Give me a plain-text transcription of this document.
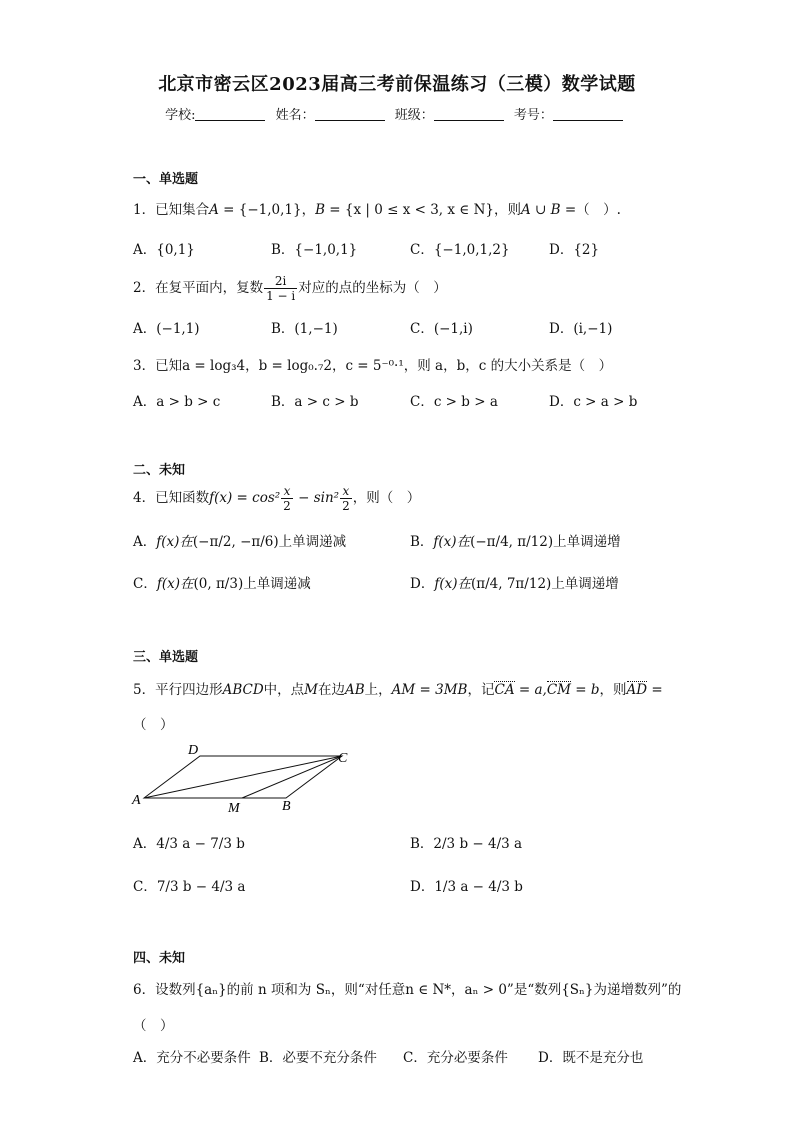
北京市密云区2023届高三考前保温练习（三模）数学试题
学校:	姓名：	班级：	考号：
一、单选题
1．已知集合A = {−1,0,1}，B = {x | 0 ≤ x < 3, x ∈ N}，则A ∪ B =（　）.
A．{0,1}	B．{−1,0,1}	C．{−1,0,1,2}	D．{2}
2．在复平面内，复数 $\frac{2i}{1 - i}$ 对应的点的坐标为（　）
A．(−1,1)	B．(1,−1)	C．(−1,i)	D．(i,−1)
3．已知a = log₃4，b = log₀.₇2，c = 5⁻⁰·¹，则 a，b，c 的大小关系是（　）
A．a > b > c	B．a > c > b	C．c > b > a	D．c > a > b
二、未知
4．已知函数$f(x) = \cos^2 \frac{x}{2} - \sin^2 \frac{x}{2}$ ，则（　）
A．f(x)在(−π/2, −π/6)上单调递减	B．f(x)在(−π/4, π/12)上单调递增
C．f(x)在(0, π/3)上单调递减	D．f(x)在(π/4, 7π/12)上单调递增
三、单选题
5．平行四边形ABCD中，点M在边AB上，AM = 3MB，记CA = a,CM = b，则AD =
（　）
A
D
C
B
M
A．4/3 a − 7/3 b	B．2/3 b − 4/3 a
C．7/3 b − 4/3 a	D．1/3 a − 4/3 b
四、未知
6．设数列{aₙ}的前 n 项和为 Sₙ，则“对任意n ∈ N*，aₙ > 0”是“数列{Sₙ}为递增数列”的
（　）
A．充分不必要条件 B．必要不充分条件 C．充分必要条件 D．既不是充分也
